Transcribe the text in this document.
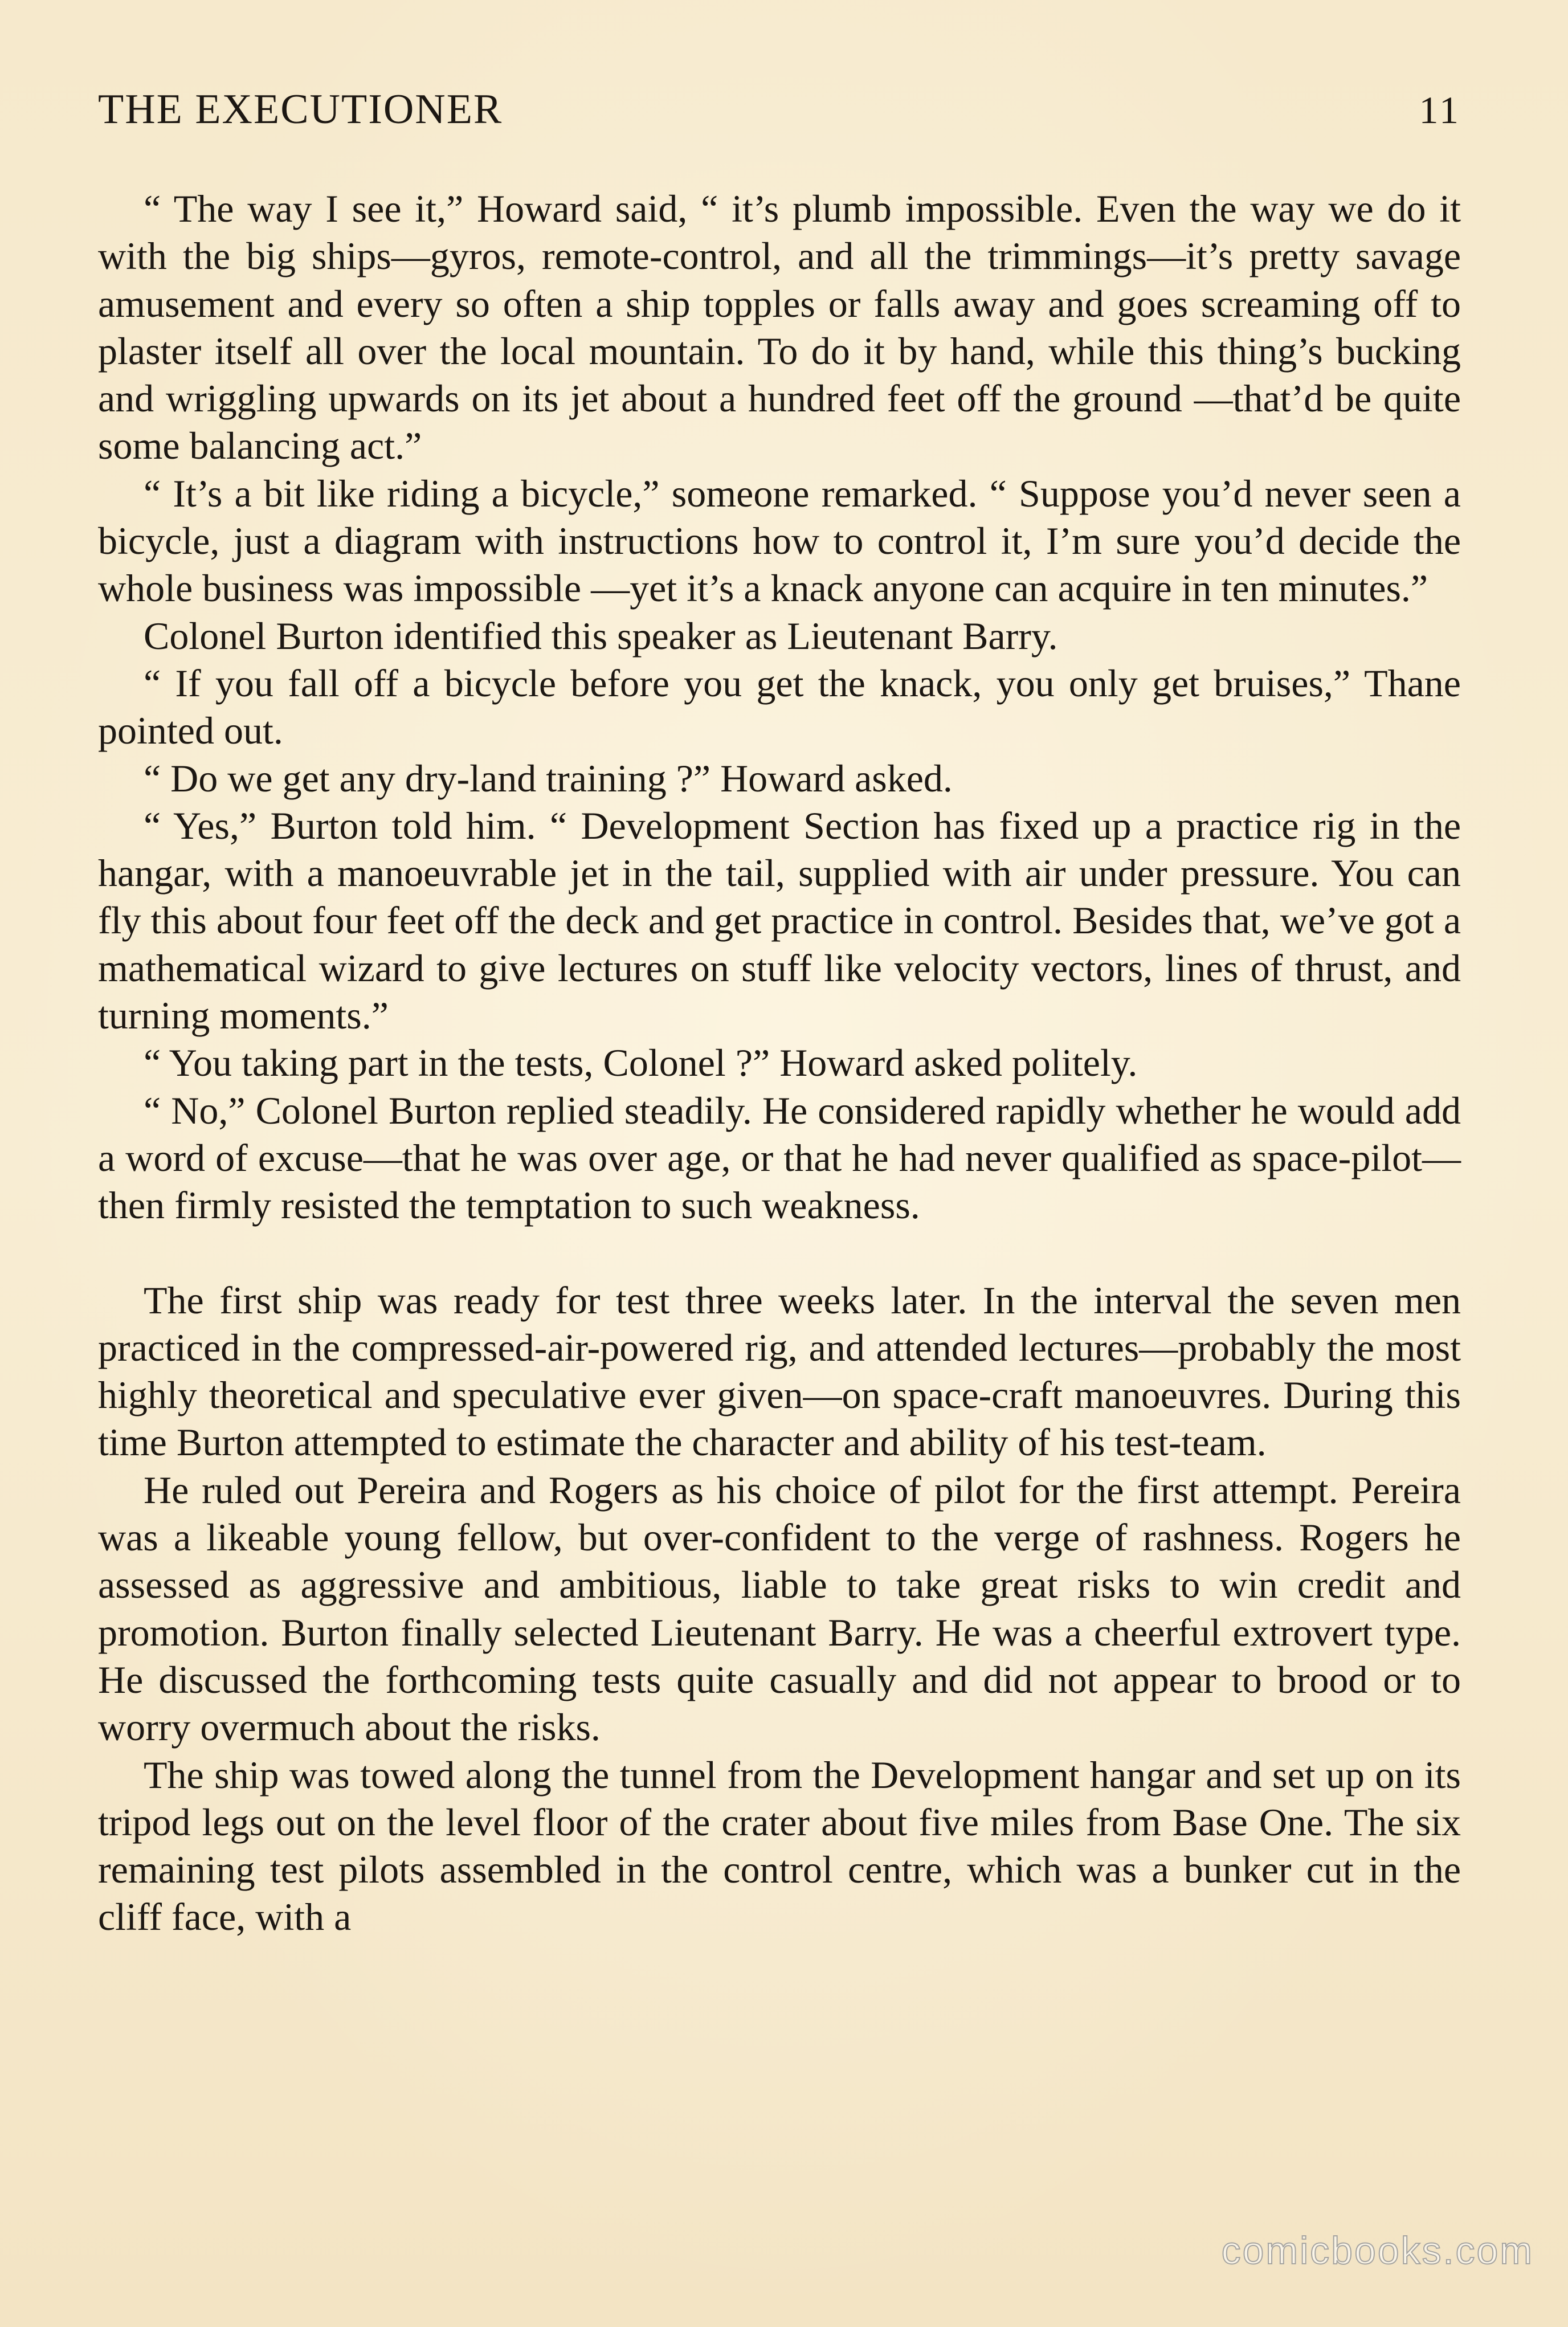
THE EXECUTIONER	11

“ The way I see it,” Howard said, “ it’s plumb impossible. Even the way we do it with the big ships—gyros, remote-control, and all the trimmings—it’s pretty savage amusement and every so often a ship topples or falls away and goes screaming off to plaster itself all over the local mountain. To do it by hand, while this thing’s bucking and wriggling upwards on its jet about a hundred feet off the ground —that’d be quite some balancing act.”

“ It’s a bit like riding a bicycle,” someone remarked. “ Suppose you’d never seen a bicycle, just a diagram with instructions how to control it, I’m sure you’d decide the whole business was impossible —yet it’s a knack anyone can acquire in ten minutes.”

Colonel Burton identified this speaker as Lieutenant Barry.

“ If you fall off a bicycle before you get the knack, you only get bruises,” Thane pointed out.

“ Do we get any dry-land training ?” Howard asked.

“ Yes,” Burton told him. “ Development Section has fixed up a practice rig in the hangar, with a manoeuvrable jet in the tail, supplied with air under pressure. You can fly this about four feet off the deck and get practice in control. Besides that, we’ve got a mathematical wizard to give lectures on stuff like velocity vectors, lines of thrust, and turning moments.”

“ You taking part in the tests, Colonel ?” Howard asked politely.

“ No,” Colonel Burton replied steadily. He considered rapidly whether he would add a word of excuse—that he was over age, or that he had never qualified as space-pilot—then firmly resisted the temptation to such weakness.

The first ship was ready for test three weeks later. In the interval the seven men practiced in the compressed-air-powered rig, and attended lectures—probably the most highly theoretical and speculative ever given—on space-craft manoeuvres. During this time Burton attempted to estimate the character and ability of his test-team.

He ruled out Pereira and Rogers as his choice of pilot for the first attempt. Pereira was a likeable young fellow, but over-confident to the verge of rashness. Rogers he assessed as aggressive and ambitious, liable to take great risks to win credit and promotion. Burton finally selected Lieutenant Barry. He was a cheerful extrovert type. He discussed the forthcoming tests quite casually and did not appear to brood or to worry overmuch about the risks.

The ship was towed along the tunnel from the Development hangar and set up on its tripod legs out on the level floor of the crater about five miles from Base One. The six remaining test pilots assembled in the control centre, which was a bunker cut in the cliff face, with a

comicbooks.com
